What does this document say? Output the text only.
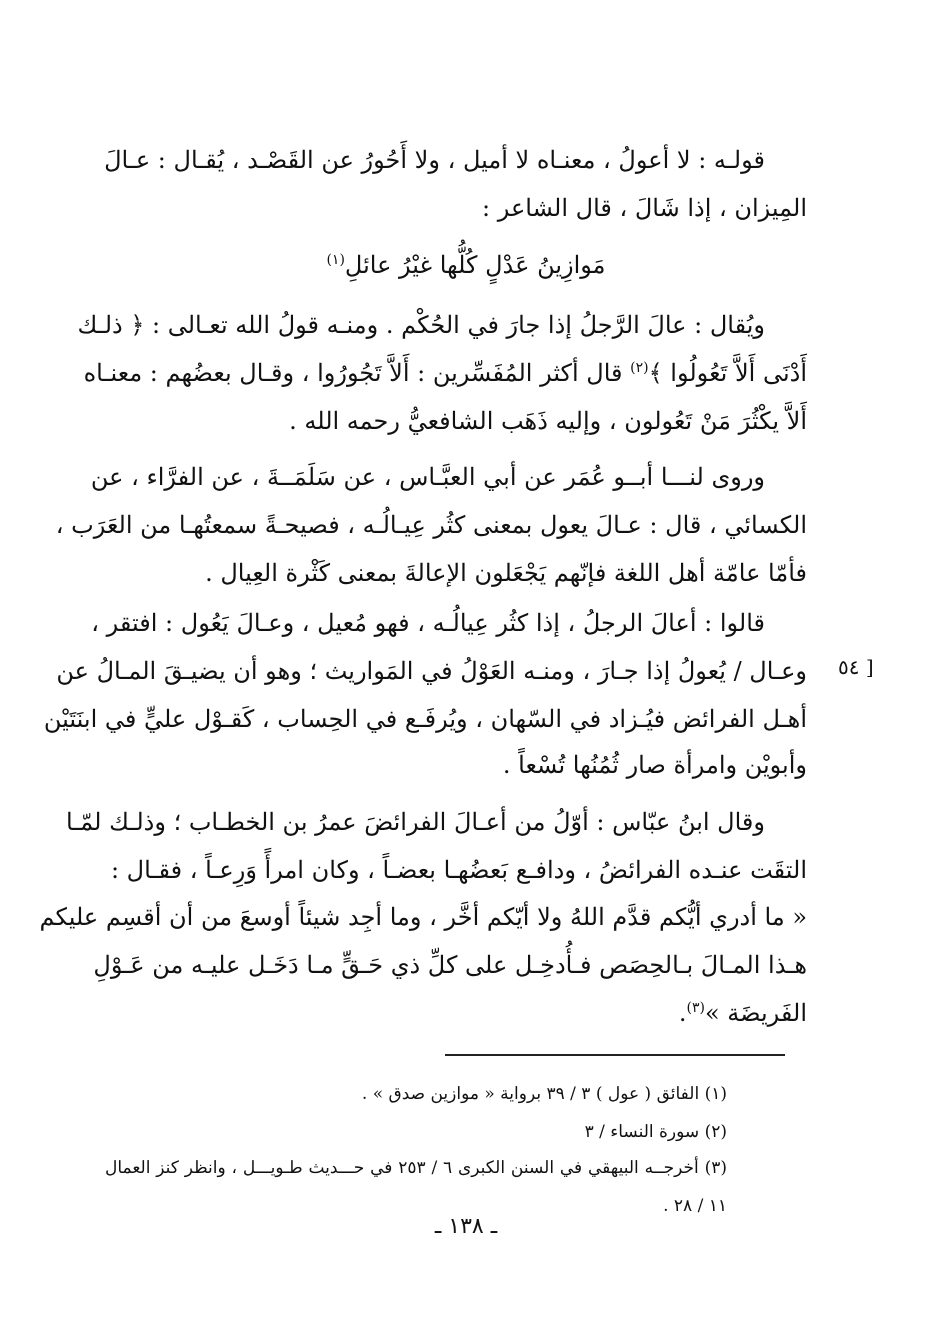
قولـه : لا أعولُ ، معنـاه لا أميل ، ولا أَحُورُ عن القَصْـد ، يُقـال : عـالَ
المِيزان ، إذا شَالَ ، قال الشاعر :
مَوازِينُ عَدْلٍ كُلُّها غيْرُ عائلِ$^{(١)}$
ويُقال : عالَ الرَّجلُ إذا جارَ في الحُكْم . ومنـه قولُ الله تعـالى : ﴿ ذلـك
أَدْنَى أَلاَّ تَعُولُوا ﴾$^{(٢)}$ قال أكثر المُفَسِّرين : أَلاَّ تَجُورُوا ، وقـال بعضُهم : معنـاه
أَلاَّ يكْثُرَ مَنْ تَعُولون ، وإليه ذَهَب الشافعيُّ رحمه الله .
وروى لنـــا أبــو عُمَر عن أبي العبَّـاس ، عن سَلَمَــةَ ، عن الفرَّاء ، عن
الكسائي ، قال : عـالَ يعول بمعنى كثُر عِيـالُـه ، فصيحـةً سمعتُهـا من العَرَب ،
فأمّا عامّة أهل اللغة فإنّهم يَجْعَلون الإعالةَ بمعنى كَثْرة العِيال .
قالوا : أعالَ الرجلُ ، إذا كثُر عِيالُـه ، فهو مُعيل ، وعـالَ يَعُول : افتقر ،
وعـال / يُعولُ إذا جـارَ ، ومنـه العَوْلُ في المَواريث ؛ وهو أن يضيـقَ المـالُ عن
أهـل الفرائض فيُـزاد في السّهان ، ويُرفَـع في الحِساب ، كَقـوْل عليٍّ في ابنَتَيْن
وأبويْن وامرأة صار ثُمُنُها تُسْعاً .
[ ٥٤
وقال ابنُ عبّاس : أوّلُ من أعـالَ الفرائضَ عمرُ بن الخطـاب ؛ وذلـك لمّـا
التقَت عنـده الفرائضُ ، ودافـع بَعضُهـا بعضـاً ، وكان امرأً وَرِعـاً ، فقـال :
« ما أدري أيُّكم قدَّم اللهُ ولا أيّكم أخَّر ، وما أجِد شيئاً أوسعَ من أن أقسِم عليكم
هـذا المـالَ بـالحِصَص فـأُدخِـل على كلِّ ذي حَـقٍّ مـا دَخَـل عليـه من عَـوْلِ
الفَريضَة »$^{(٣)}$.
(١) الفائق ( عول ) ٣ / ٣٩ برواية « موازين صدق » .
(٢) سورة النساء / ٣
(٣) أخرجــه البيهقي في السنن الكبرى ٦ / ٢٥٣ في حـــديث طـويـــل ، وانظر كنز العمال
١١ / ٢٨ .
ـ ١٣٨ ـ
